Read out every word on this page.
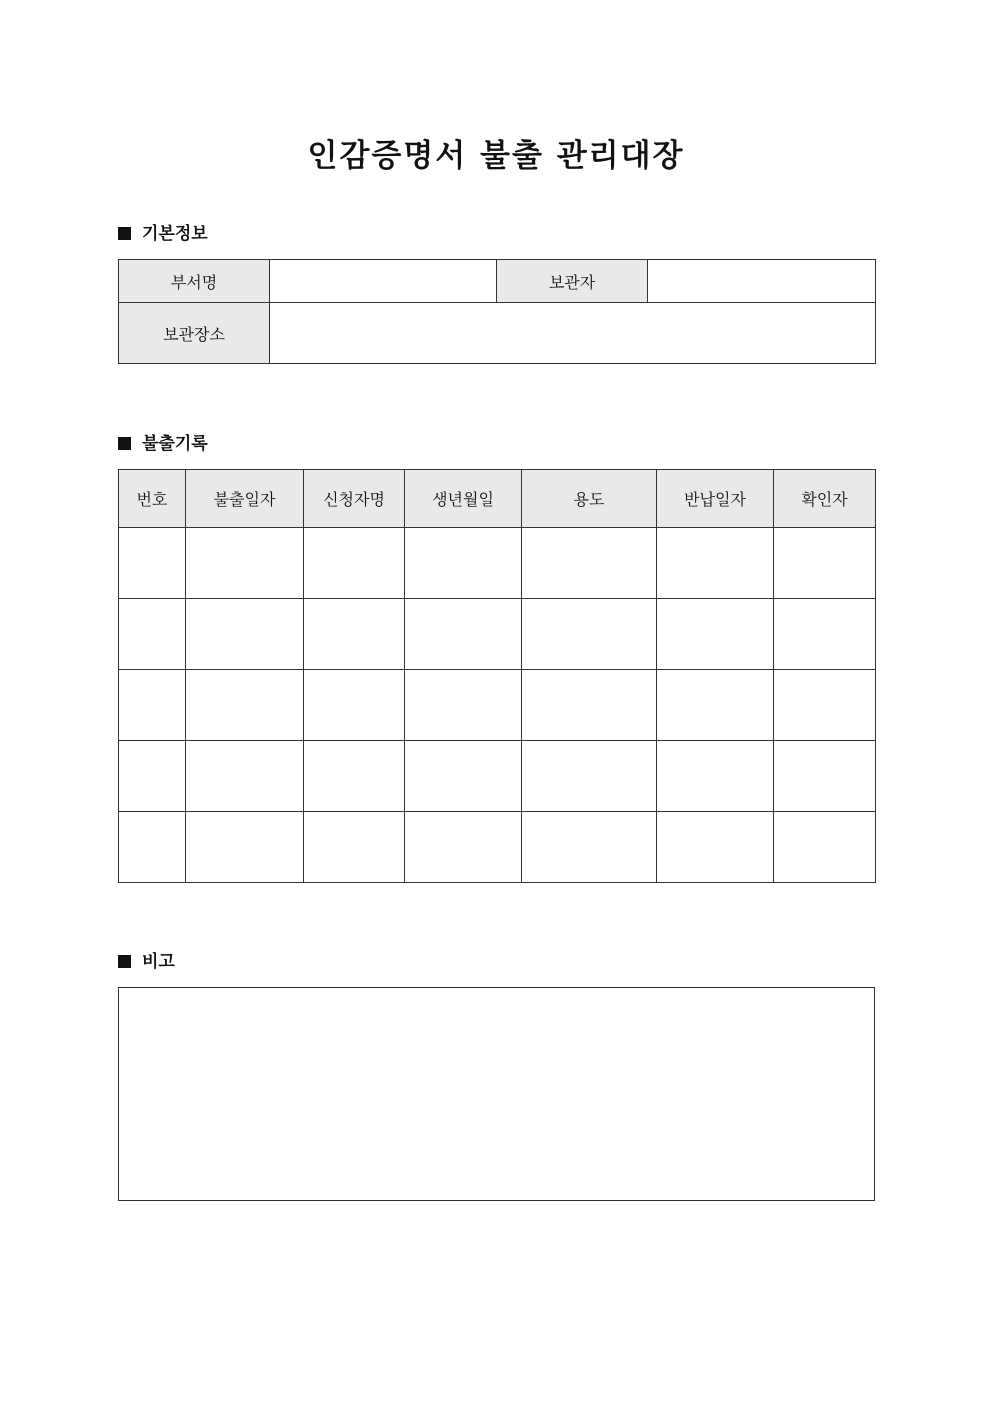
인감증명서 불출 관리대장
기본정보
부서명		보관자	
보관장소			
불출기록
번호	불출일자	신청자명	생년월일	용도	반납일자	확인자

비고
